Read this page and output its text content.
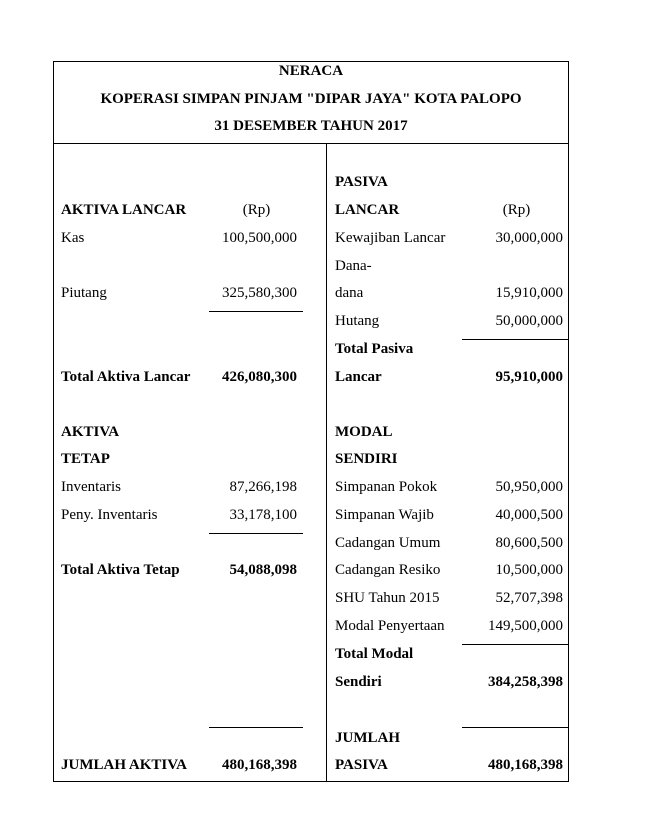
NERACA
KOPERASI SIMPAN PINJAM "DIPAR JAYA" KOTA PALOPO
31 DESEMBER TAHUN 2017
AKTIVA LANCAR	(Rp)
Kas	100,500,000
Piutang	325,580,300
Total Aktiva Lancar	426,080,300
AKTIVA
TETAP
Inventaris	87,266,198
Peny. Inventaris	33,178,100
Total Aktiva Tetap	54,088,098
JUMLAH AKTIVA	480,168,398
PASIVA
LANCAR	(Rp)
Kewajiban Lancar	30,000,000
Dana-
dana	15,910,000
Hutang	50,000,000
Total Pasiva
Lancar	95,910,000
MODAL
SENDIRI
Simpanan Pokok	50,950,000
Simpanan Wajib	40,000,500
Cadangan Umum	80,600,500
Cadangan Resiko	10,500,000
SHU Tahun 2015	52,707,398
Modal Penyertaan	149,500,000
Total Modal
Sendiri	384,258,398
JUMLAH
PASIVA	480,168,398
